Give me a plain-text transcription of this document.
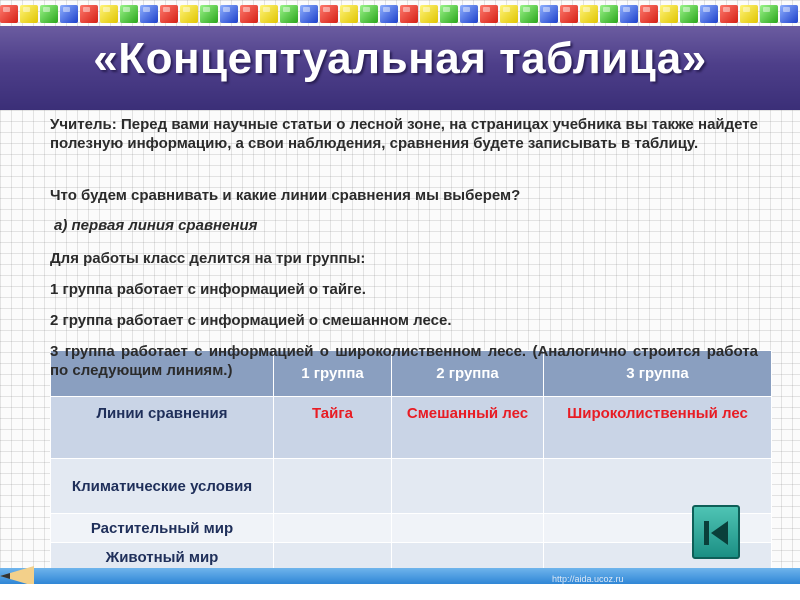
«Концептуальная таблица»
Учитель: Перед вами научные статьи о лесной зоне, на страницах учебника вы также найдете полезную информацию, а свои наблюдения, сравнения будете записывать в таблицу.
Что будем сравнивать и какие линии сравнения мы выберем?
а) первая линия сравнения
Для работы класс делится на три группы:
1 группа работает с информацией о тайге.
2 группа работает с информацией о смешанном лесе.
3 группа работает с информацией о широколиственном лесе. (Аналогично строится работа по следующим линиям.)
		1 группа	2 группа	3 группа
Линии сравнения	Тайга	Смешанный лес	Широколиственный лес
Климатические условия			
Растительный мир			
Животный мир			
http://aida.ucoz.ru
